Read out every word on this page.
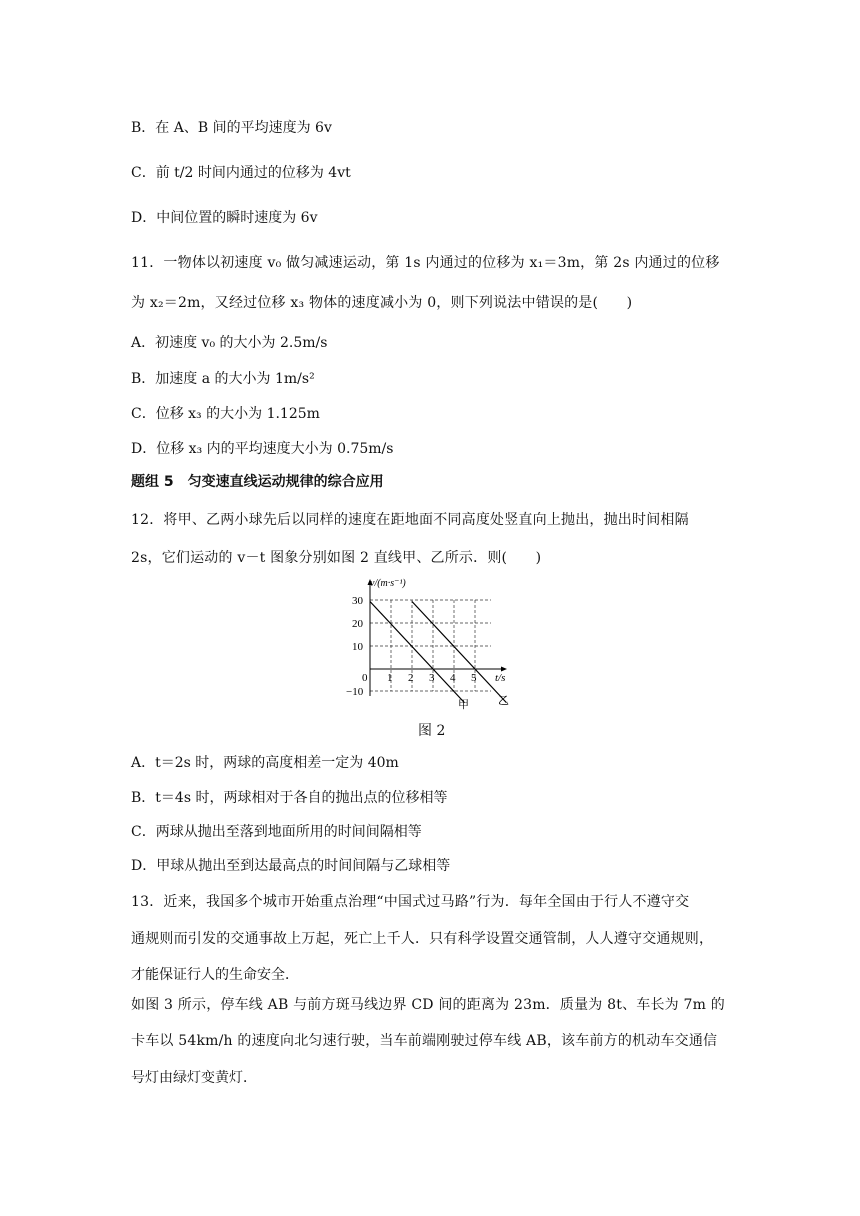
B．在 A、B 间的平均速度为 6v
C．前 t/2 时间内通过的位移为 4vt
D．中间位置的瞬时速度为 6v
11．一物体以初速度 v₀ 做匀减速运动，第 1s 内通过的位移为 x₁＝3m，第 2s 内通过的位移
为 x₂＝2m，又经过位移 x₃ 物体的速度减小为 0，则下列说法中错误的是(　　)
A．初速度 v₀ 的大小为 2.5m/s
B．加速度 a 的大小为 1m/s²
C．位移 x₃ 的大小为 1.125m
D．位移 x₃ 内的平均速度大小为 0.75m/s
题组 5　匀变速直线运动规律的综合应用
12．将甲、乙两小球先后以同样的速度在距地面不同高度处竖直向上抛出，抛出时间相隔
2s，它们运动的 v－t 图象分别如图 2 直线甲、乙所示．则(　　)
v/(m·s⁻¹)
30
20
10
0
−10
1 2 3 4 5 t/s
甲	乙
图 2
A．t＝2s 时，两球的高度相差一定为 40m
B．t＝4s 时，两球相对于各自的抛出点的位移相等
C．两球从抛出至落到地面所用的时间间隔相等
D．甲球从抛出至到达最高点的时间间隔与乙球相等
13．近来，我国多个城市开始重点治理“中国式过马路”行为．每年全国由于行人不遵守交
通规则而引发的交通事故上万起，死亡上千人．只有科学设置交通管制，人人遵守交通规则，
才能保证行人的生命安全．
如图 3 所示，停车线 AB 与前方斑马线边界 CD 间的距离为 23m．质量为 8t、车长为 7m 的
卡车以 54km/h 的速度向北匀速行驶，当车前端刚驶过停车线 AB，该车前方的机动车交通信
号灯由绿灯变黄灯．
